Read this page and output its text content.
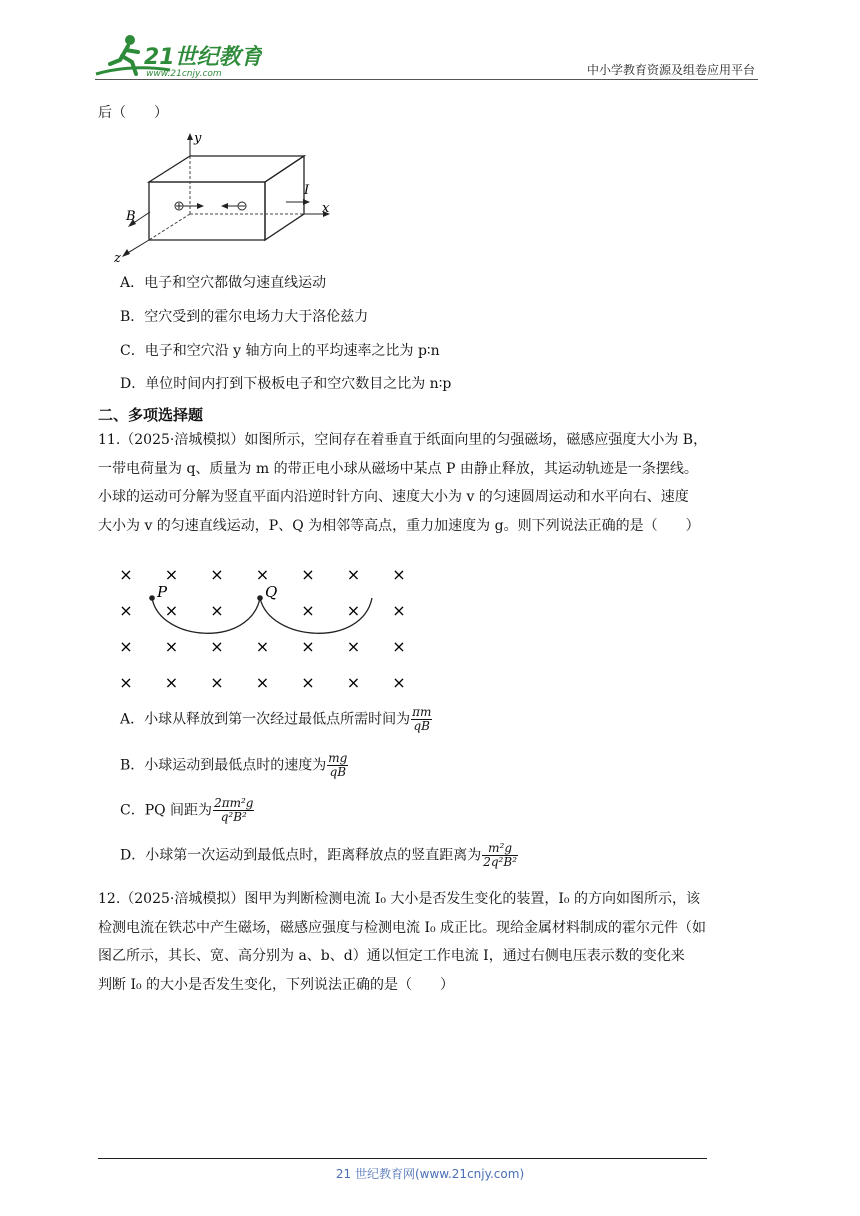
21世纪教育
www.21cnjy.com	中小学教育资源及组卷应用平台
后（　　）
y
x
z
B
I
A．电子和空穴都做匀速直线运动
B．空穴受到的霍尔电场力大于洛伦兹力
C．电子和空穴沿 y 轴方向上的平均速率之比为 p∶n
D．单位时间内打到下极板电子和空穴数目之比为 n∶p
二、多项选择题
11.（2025·涪城模拟）如图所示，空间存在着垂直于纸面向里的匀强磁场，磁感应强度大小为 B，
一带电荷量为 q、质量为 m 的带正电小球从磁场中某点 P 由静止释放，其运动轨迹是一条摆线。
小球的运动可分解为竖直平面内沿逆时针方向、速度大小为 v 的匀速圆周运动和水平向右、速度
大小为 v 的匀速直线运动，P、Q 为相邻等高点，重力加速度为 g。则下列说法正确的是（　　）
× × × × × × ×
× × ×	× × ×
× × × × × × ×
× × × × × × ×
P	Q
A．小球从释放到第一次经过最低点所需时间为 $\frac{\pi m}{qB}$
B．小球运动到最低点时的速度为 $\frac{mg}{qB}$
C．PQ 间距为 $\frac{\text{2πm²g}}{\text{q²B²}}$
D．小球第一次运动到最低点时，距离释放点的竖直距离为 $\frac{\text{m²g}}{\text{2q²B²}}$
12.（2025·涪城模拟）图甲为判断检测电流 I₀ 大小是否发生变化的装置，I₀ 的方向如图所示，该
检测电流在铁芯中产生磁场，磁感应强度与检测电流 I₀ 成正比。现给金属材料制成的霍尔元件（如
图乙所示，其长、宽、高分别为 a、b、d）通以恒定工作电流 I，通过右侧电压表示数的变化来
判断 I₀ 的大小是否发生变化，下列说法正确的是（　　）
21 世纪教育网(www.21cnjy.com)
